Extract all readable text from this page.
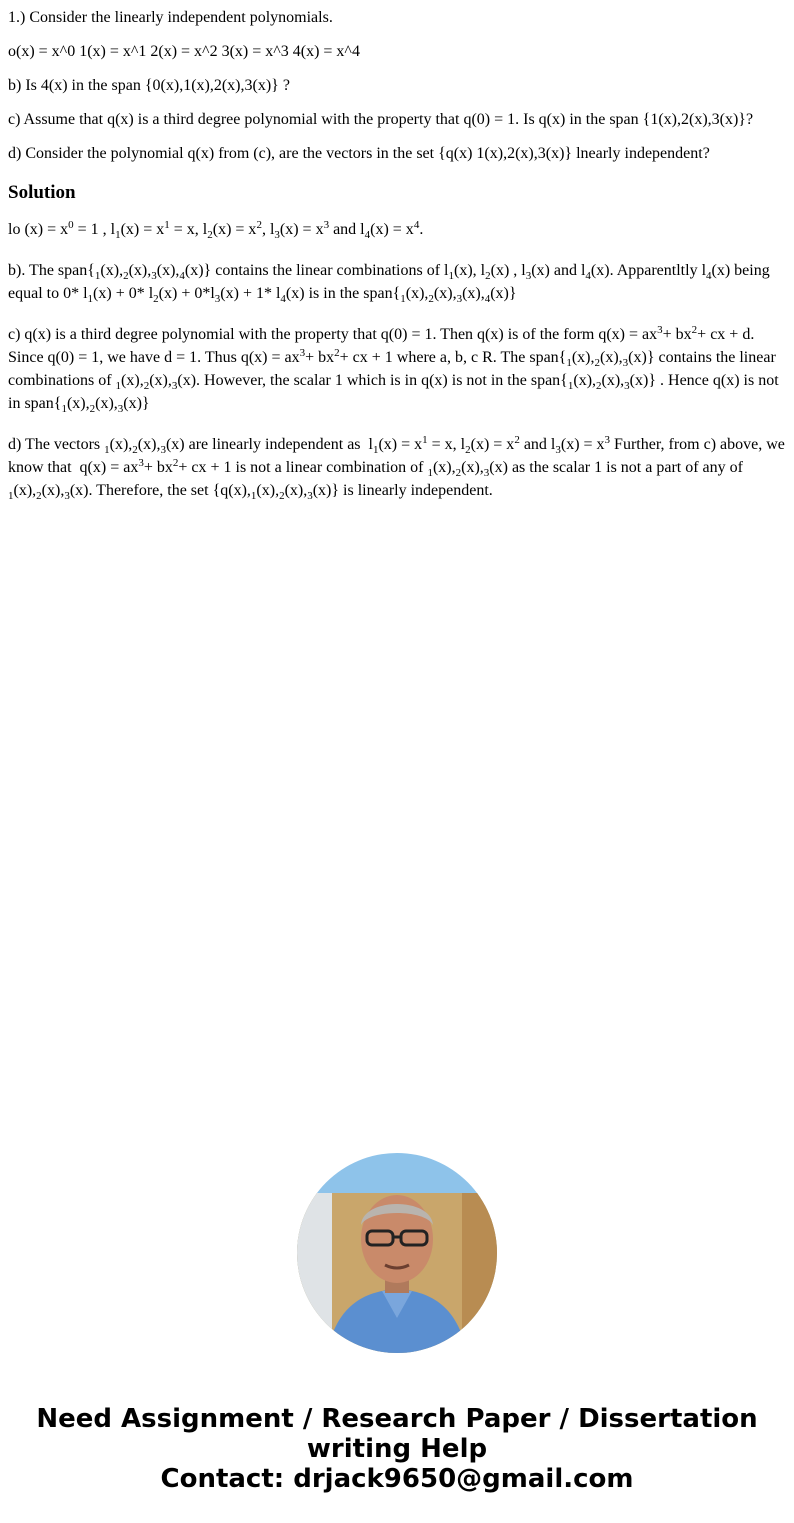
1.) Consider the linearly independent polynomials.

o(x) = x^0 1(x) = x^1 2(x) = x^2 3(x) = x^3 4(x) = x^4

b) Is 4(x) in the span {0(x),1(x),2(x),3(x)} ?

c) Assume that q(x) is a third degree polynomial with the property that q(0) = 1. Is q(x) in the span {1(x),2(x),3(x)}?

d) Consider the polynomial q(x) from (c), are the vectors in the set {q(x) 1(x),2(x),3(x)} lnearly independent?

Solution

lo $(x) = x^0 = 1$ , $l_1(x) = x^1 = x$, $l_2(x) = x^2$, $l_3(x) = x^3$ and $l_4(x) = x^4$.

b). The $span\{_1(x),_2(x),_3(x),_4(x)\}$ contains the linear combinations of $l_1(x)$, $l_2(x)$ , $l_3(x)$ and $l_4(x)$. Apparentltly $l_4(x)$ being equal to 0* $l_1(x) + 0*$ $l_2(x) + 0*l_3(x) + 1*$ $l_4(x)$ is in the $span\{_1(x),_2(x),_3(x),_4(x)\}$

c) q(x) is a third degree polynomial with the property that q(0) = 1. Then q(x) is of the form $q(x) = ax^3+ bx^2+$ cx + d. Since q(0) = 1, we have d = 1. Thus $q(x) = ax^3+ bx^2+$ cx + 1 where a, b, c R. The $span\{_1(x),_2(x),_3(x)\}$ contains the linear combinations of $_1(x),_2(x),_3(x)$. However, the scalar 1 which is in q(x) is not in the $span\{_1(x),_2(x),_3(x)\}$ . Hence q(x) is not in $span\{_1(x),_2(x),_3(x)\}$

d) The vectors $_1(x),_2(x),_3(x)$ are linearly independent as  $l_1(x) = x^1 = x$, $l_2(x) = x^2$ and $l_3(x) = x^3$ Further, from c) above, we know that  $q(x) = ax^3+ bx^2+$ cx + 1 is not a linear combination of $_1(x),_2(x),_3(x)$ as the scalar 1 is not a part of any of $_1(x),_2(x),_3(x)$. Therefore, the set $\{q(x),_1(x),_2(x),_3(x)\}$ is linearly independent.

Need Assignment / Research Paper / Dissertation
writing Help
Contact: drjack9650@gmail.com
